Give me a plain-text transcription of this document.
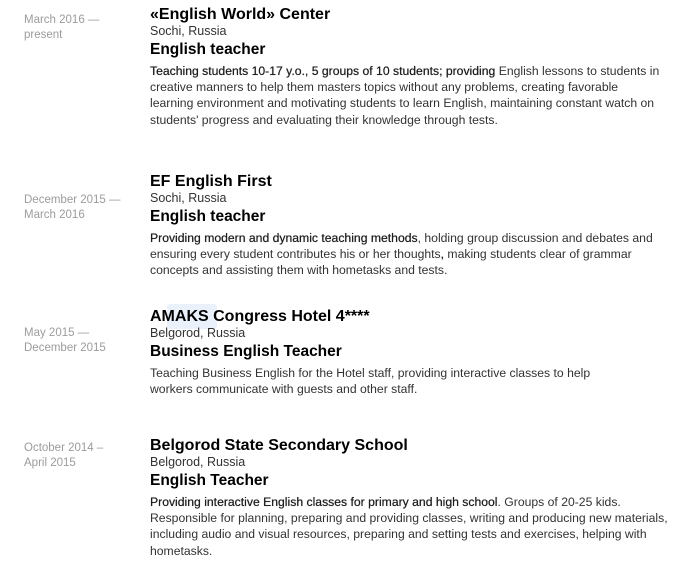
March 2016 —
present
«English World» Center
Sochi, Russia
English teacher
Teaching students 10-17 y.o., 5 groups of 10 students; providing English lessons to students in
creative manners to help them masters topics without any problems, creating favorable
learning environment and motivating students to learn English, maintaining constant watch on
students' progress and evaluating their knowledge through tests.
December 2015 —
March 2016
EF English First
Sochi, Russia
English teacher
Providing modern and dynamic teaching methods, holding group discussion and debates and
ensuring every student contributes his or her thoughts, making students clear of grammar
concepts and assisting them with hometasks and tests.
May 2015 —
December 2015
AMAKS Congress Hotel 4****
Belgorod, Russia
Business English Teacher
Teaching Business English for the Hotel staff, providing interactive classes to help
workers communicate with guests and other staff.
October 2014 –
April 2015
Belgorod State Secondary School
Belgorod, Russia
English Teacher
Providing interactive English classes for primary and high school. Groups of 20-25 kids.
Responsible for planning, preparing and providing classes, writing and producing new materials,
including audio and visual resources, preparing and setting tests and exercises, helping with
hometasks.
